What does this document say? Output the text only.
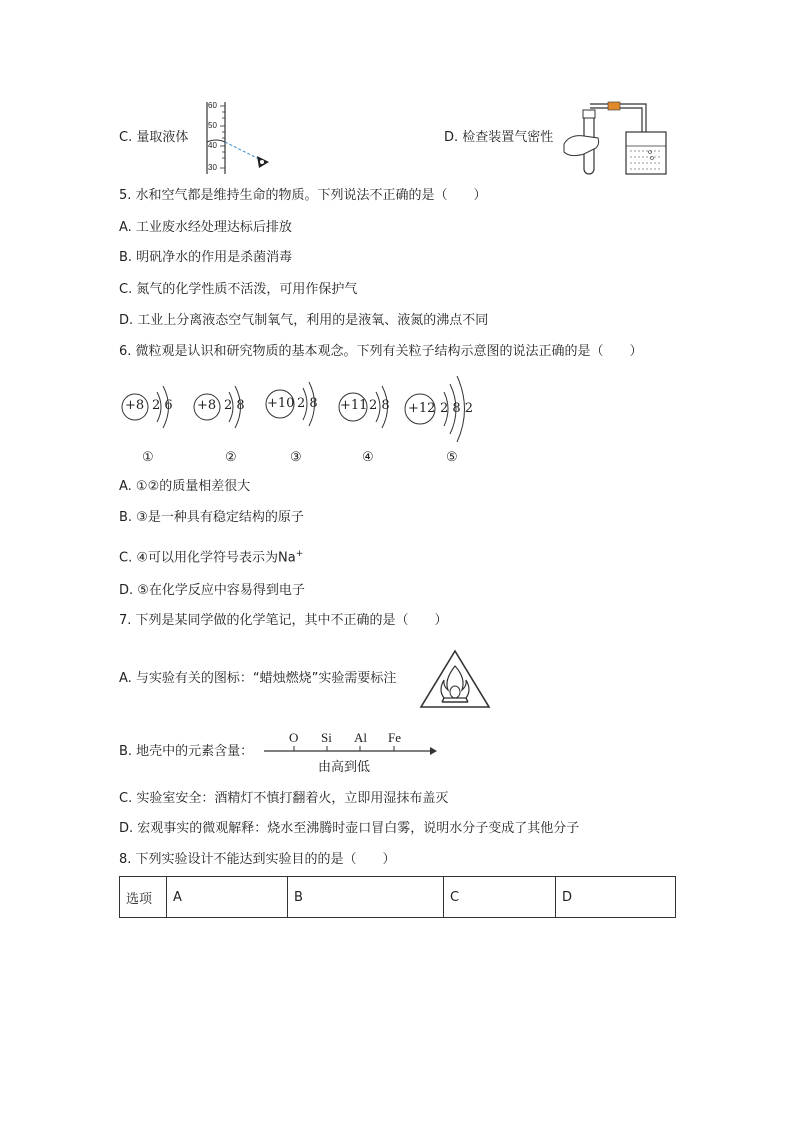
C. 量取液体
60
50
40
30
D. 检查装置气密性
5. 水和空气都是维持生命的物质。下列说法不正确的是（　　）
A. 工业废水经处理达标后排放
B. 明矾净水的作用是杀菌消毒
C. 氮气的化学性质不活泼，可用作保护气
D. 工业上分离液态空气制氧气，利用的是液氧、液氮的沸点不同
6. 微粒观是认识和研究物质的基本观念。下列有关粒子结构示意图的说法正确的是（　　）
+8 2 6 +8 2 8 +10 2 8 +11 2 8 +12 2 8 2
①	②	③	④	⑤
A. ①②的质量相差很大
B. ③是一种具有稳定结构的原子
C. ④可以用化学符号表示为Na+
D. ⑤在化学反应中容易得到电子
7. 下列是某同学做的化学笔记，其中不正确的是（　　）
A. 与实验有关的图标：“蜡烛燃烧”实验需要标注
B. 地壳中的元素含量：
O Si Al Fe
由高到低
C. 实验室安全：酒精灯不慎打翻着火，立即用湿抹布盖灭
D. 宏观事实的微观解释：烧水至沸腾时壶口冒白雾，说明水分子变成了其他分子
8. 下列实验设计不能达到实验目的的是（　　）
选项	A	B	C	D
